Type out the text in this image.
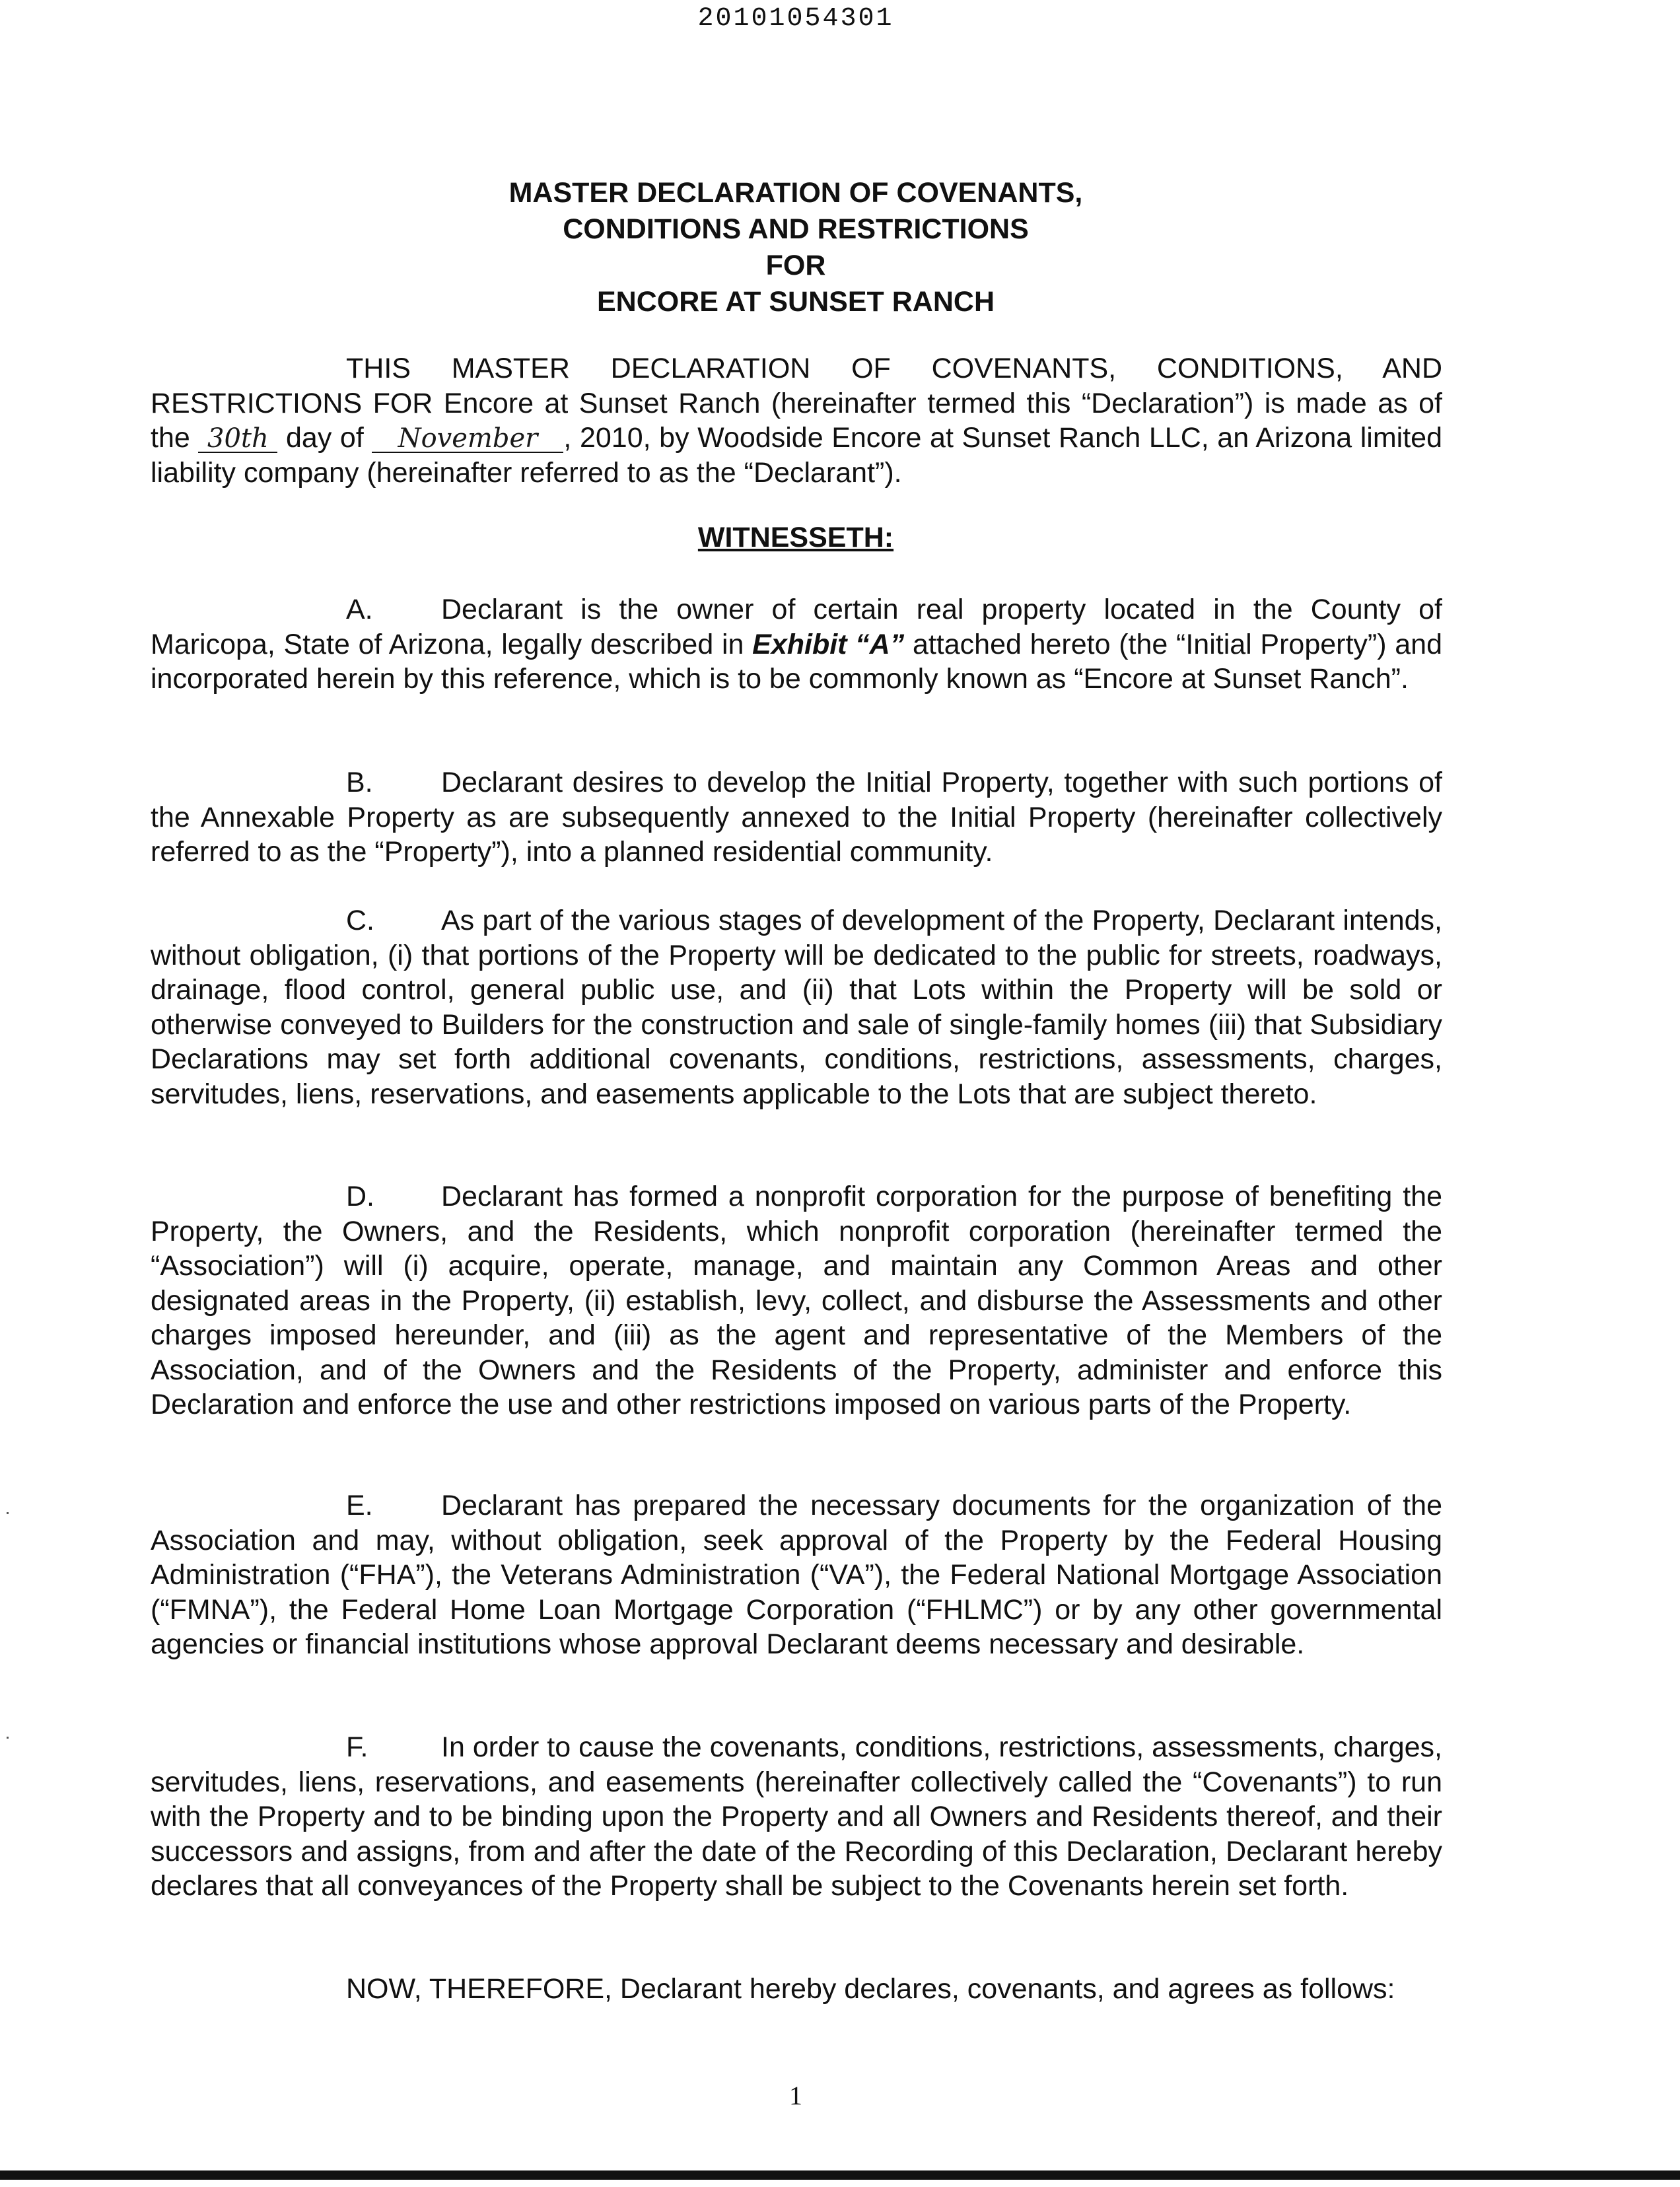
20101054301
MASTER DECLARATION OF COVENANTS,
CONDITIONS AND RESTRICTIONS
FOR
ENCORE AT SUNSET RANCH
THIS MASTER DECLARATION OF COVENANTS, CONDITIONS, AND RESTRICTIONS FOR Encore at Sunset Ranch (hereinafter termed this “Declaration”) is made as of the 30th day of November , 2010, by Woodside Encore at Sunset Ranch LLC, an Arizona limited liability company (hereinafter referred to as the “Declarant”).
WITNESSETH:
A. Declarant is the owner of certain real property located in the County of Maricopa, State of Arizona, legally described in Exhibit “A” attached hereto (the “Initial Property”) and incorporated herein by this reference, which is to be commonly known as “Encore at Sunset Ranch”.
B. Declarant desires to develop the Initial Property, together with such portions of the Annexable Property as are subsequently annexed to the Initial Property (hereinafter collectively referred to as the “Property”), into a planned residential community.
C. As part of the various stages of development of the Property, Declarant intends, without obligation, (i) that portions of the Property will be dedicated to the public for streets, roadways, drainage, flood control, general public use, and (ii) that Lots within the Property will be sold or otherwise conveyed to Builders for the construction and sale of single-family homes (iii) that Subsidiary Declarations may set forth additional covenants, conditions, restrictions, assessments, charges, servitudes, liens, reservations, and easements applicable to the Lots that are subject thereto.
D. Declarant has formed a nonprofit corporation for the purpose of benefiting the Property, the Owners, and the Residents, which nonprofit corporation (hereinafter termed the “Association”) will (i) acquire, operate, manage, and maintain any Common Areas and other designated areas in the Property, (ii) establish, levy, collect, and disburse the Assessments and other charges imposed hereunder, and (iii) as the agent and representative of the Members of the Association, and of the Owners and the Residents of the Property, administer and enforce this Declaration and enforce the use and other restrictions imposed on various parts of the Property.
E. Declarant has prepared the necessary documents for the organization of the Association and may, without obligation, seek approval of the Property by the Federal Housing Administration (“FHA”), the Veterans Administration (“VA”), the Federal National Mortgage Association (“FMNA”), the Federal Home Loan Mortgage Corporation (“FHLMC”) or by any other governmental agencies or financial institutions whose approval Declarant deems necessary and desirable.
F.	In order to cause the covenants, conditions, restrictions, assessments, charges, servitudes, liens, reservations, and easements (hereinafter collectively called the “Covenants”) to run with the Property and to be binding upon the Property and all Owners and Residents thereof, and their successors and assigns, from and after the date of the Recording of this Declaration, Declarant hereby declares that all conveyances of the Property shall be subject to the Covenants herein set forth.
NOW, THEREFORE, Declarant hereby declares, covenants, and agrees as follows:
1
